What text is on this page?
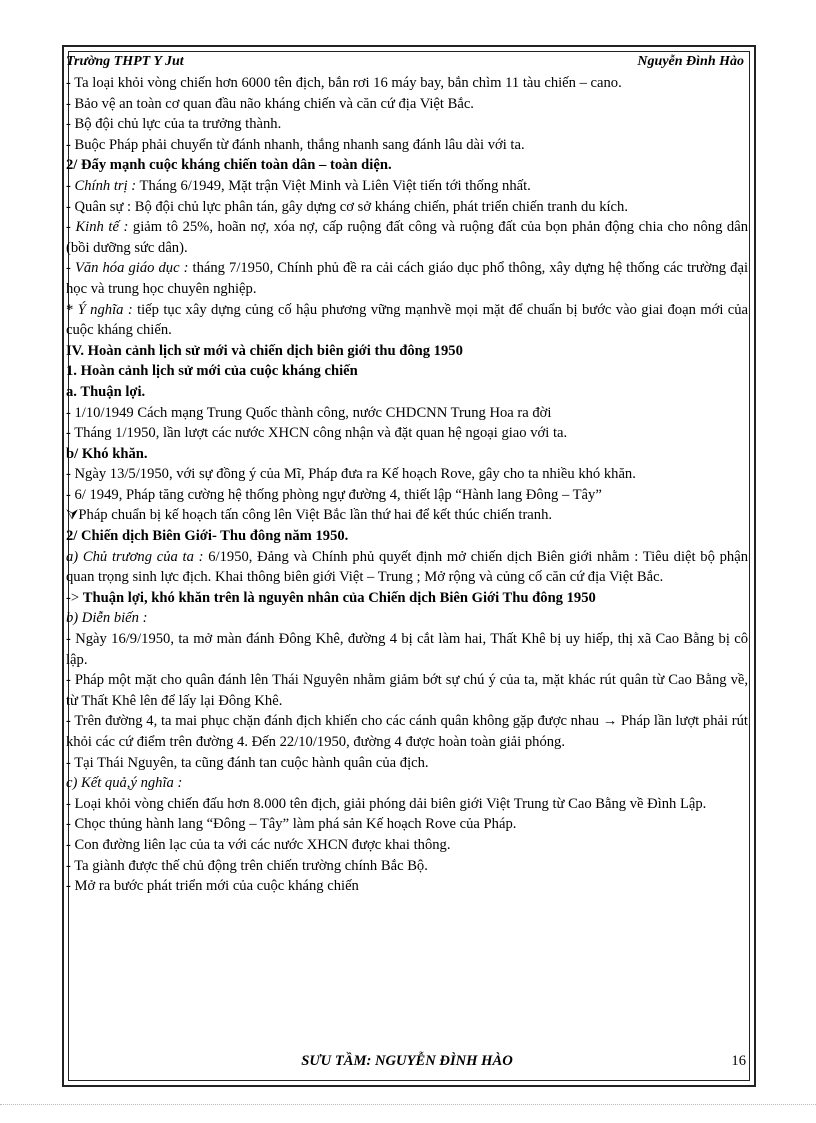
Trường THPT Y Jut	Nguyễn Đình Hào

- Ta loại khỏi vòng chiến hơn 6000 tên địch, bắn rơi 16 máy bay, bắn chìm 11 tàu chiến – cano.

- Bảo vệ an toàn cơ quan đầu não kháng chiến và căn cứ địa Việt Bắc.

- Bộ đội chủ lực của ta trưởng thành.

- Buộc Pháp phải chuyển từ đánh nhanh, thắng nhanh sang đánh lâu dài với ta.

2/ Đẩy mạnh cuộc kháng chiến toàn dân – toàn diện.

- Chính trị : Tháng 6/1949, Mặt trận Việt Minh và Liên Việt tiến tới thống nhất.

- Quân sự : Bộ đội chủ lực phân tán, gây dựng cơ sở kháng chiến, phát triển chiến tranh du kích.

- Kinh tế : giảm tô 25%, hoãn nợ, xóa nợ, cấp ruộng đất công và ruộng đất của bọn phản động chia cho nông dân (bồi dưỡng sức dân).

- Văn hóa giáo dục : tháng 7/1950, Chính phủ đề ra cải cách giáo dục phổ thông, xây dựng hệ thống các trường đại học và trung học chuyên nghiệp.

* Ý nghĩa : tiếp tục xây dựng củng cố hậu phương vững mạnhvề mọi mặt để chuẩn bị bước vào giai đoạn mới của cuộc kháng chiến.

IV. Hoàn cảnh lịch sử mới và chiến dịch biên giới thu đông 1950

1. Hoàn cảnh lịch sử mới của cuộc kháng chiến

a. Thuận lợi.

- 1/10/1949 Cách mạng Trung Quốc thành công, nước CHDCNN Trung Hoa ra đời

- Tháng 1/1950, lần lượt các nước XHCN công nhận và đặt quan hệ ngoại giao với ta.

b/ Khó khăn.

- Ngày 13/5/1950, với sự đồng ý của Mĩ, Pháp đưa ra Kế hoạch Rove, gây cho ta nhiều khó khăn.

- 6/ 1949, Pháp tăng cường hệ thống phòng ngự đường 4, thiết lập “Hành lang Đông – Tây”

⮛Pháp chuẩn bị kế hoạch tấn công lên Việt Bắc lần thứ hai để kết thúc chiến tranh.

2/ Chiến dịch Biên Giới- Thu đông năm 1950.

a) Chủ trương của ta : 6/1950, Đảng và Chính phủ quyết định mở chiến dịch Biên giới nhằm : Tiêu diệt bộ phận quan trọng sinh lực địch. Khai thông biên giới Việt – Trung ; Mở rộng và củng cố căn cứ địa Việt Bắc.

-> Thuận lợi, khó khăn trên là nguyên nhân của Chiến dịch Biên Giới Thu đông 1950

b) Diễn biến :

- Ngày 16/9/1950, ta mở màn đánh Đông Khê, đường 4 bị cắt làm hai, Thất Khê bị uy hiếp, thị xã Cao Bằng bị cô lập.

- Pháp một mặt cho quân đánh lên Thái Nguyên nhằm giảm bớt sự chú ý của ta, mặt khác rút quân từ Cao Bằng về, từ Thất Khê lên để lấy lại Đông Khê.

- Trên đường 4, ta mai phục chặn đánh địch khiến cho các cánh quân không gặp được nhau → Pháp lần lượt phải rút khỏi các cứ điểm trên đường 4. Đến 22/10/1950, đường 4 được hoàn toàn giải phóng.

- Tại Thái Nguyên, ta cũng đánh tan cuộc hành quân của địch.

c) Kết quả,ý nghĩa :

- Loại khỏi vòng chiến đấu hơn 8.000 tên địch, giải phóng dải biên giới Việt Trung từ Cao Bằng về Đình Lập.

- Chọc thủng hành lang “Đông – Tây” làm phá sản Kế hoạch Rove của Pháp.

- Con đường liên lạc của ta với các nước XHCN được khai thông.

- Ta giành được thế chủ động trên chiến trường chính Bắc Bộ.

- Mở ra bước phát triển mới của cuộc kháng chiến

SƯU TẦM: NGUYỄN ĐÌNH HÀO	16
